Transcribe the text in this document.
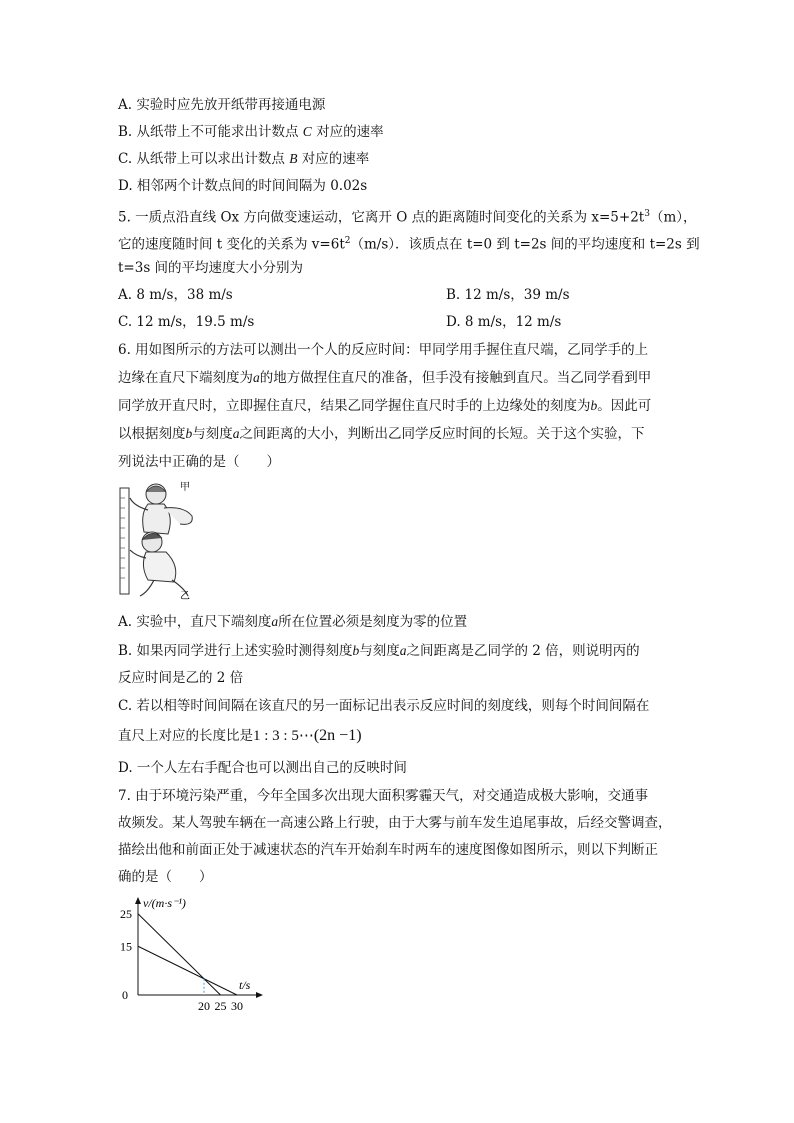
A. 实验时应先放开纸带再接通电源
B. 从纸带上不可能求出计数点 C 对应的速率
C. 从纸带上可以求出计数点 B 对应的速率
D. 相邻两个计数点间的时间间隔为 0.02s
5. 一质点沿直线 Ox 方向做变速运动，它离开 O 点的距离随时间变化的关系为 $x=5+2t^3(m)$，
它的速度随时间 t 变化的关系为 $v=6t^2(m/s)$．该质点在 t=0 到 t=2s 间的平均速度和 t=2s 到
t=3s 间的平均速度大小分别为
A. 8 m/s，38 m/s	B. 12 m/s，39 m/s
C. 12 m/s，19.5 m/s	D. 8 m/s，12 m/s
6. 用如图所示的方法可以测出一个人的反应时间：甲同学用手握住直尺端，乙同学手的上
边缘在直尺下端刻度为a的地方做捏住直尺的准备，但手没有接触到直尺。当乙同学看到甲
同学放开直尺时，立即握住直尺，结果乙同学握住直尺时手的上边缘处的刻度为b。因此可
以根据刻度b与刻度a之间距离的大小，判断出乙同学反应时间的长短。关于这个实验，下
列说法中正确的是（　　）
甲
乙
A. 实验中，直尺下端刻度a所在位置必须是刻度为零的位置
B. 如果丙同学进行上述实验时测得刻度b与刻度a之间距离是乙同学的 2 倍，则说明丙的
反应时间是乙的 2 倍
C. 若以相等时间间隔在该直尺的另一面标记出表示反应时间的刻度线，则每个时间间隔在
直尺上对应的长度比是1 : 3 : 5⋯(2n −1)
D. 一个人左右手配合也可以测出自己的反映时间
7. 由于环境污染严重，今年全国多次出现大面积雾霾天气，对交通造成极大影响，交通事
故频发。某人驾驶车辆在一高速公路上行驶，由于大雾与前车发生追尾事故，后经交警调查，
描绘出他和前面正处于减速状态的汽车开始刹车时两车的速度图像如图所示，则以下判断正
确的是（　　）
v/(m·s⁻¹)
t/s
0
20 25 30
25
15
